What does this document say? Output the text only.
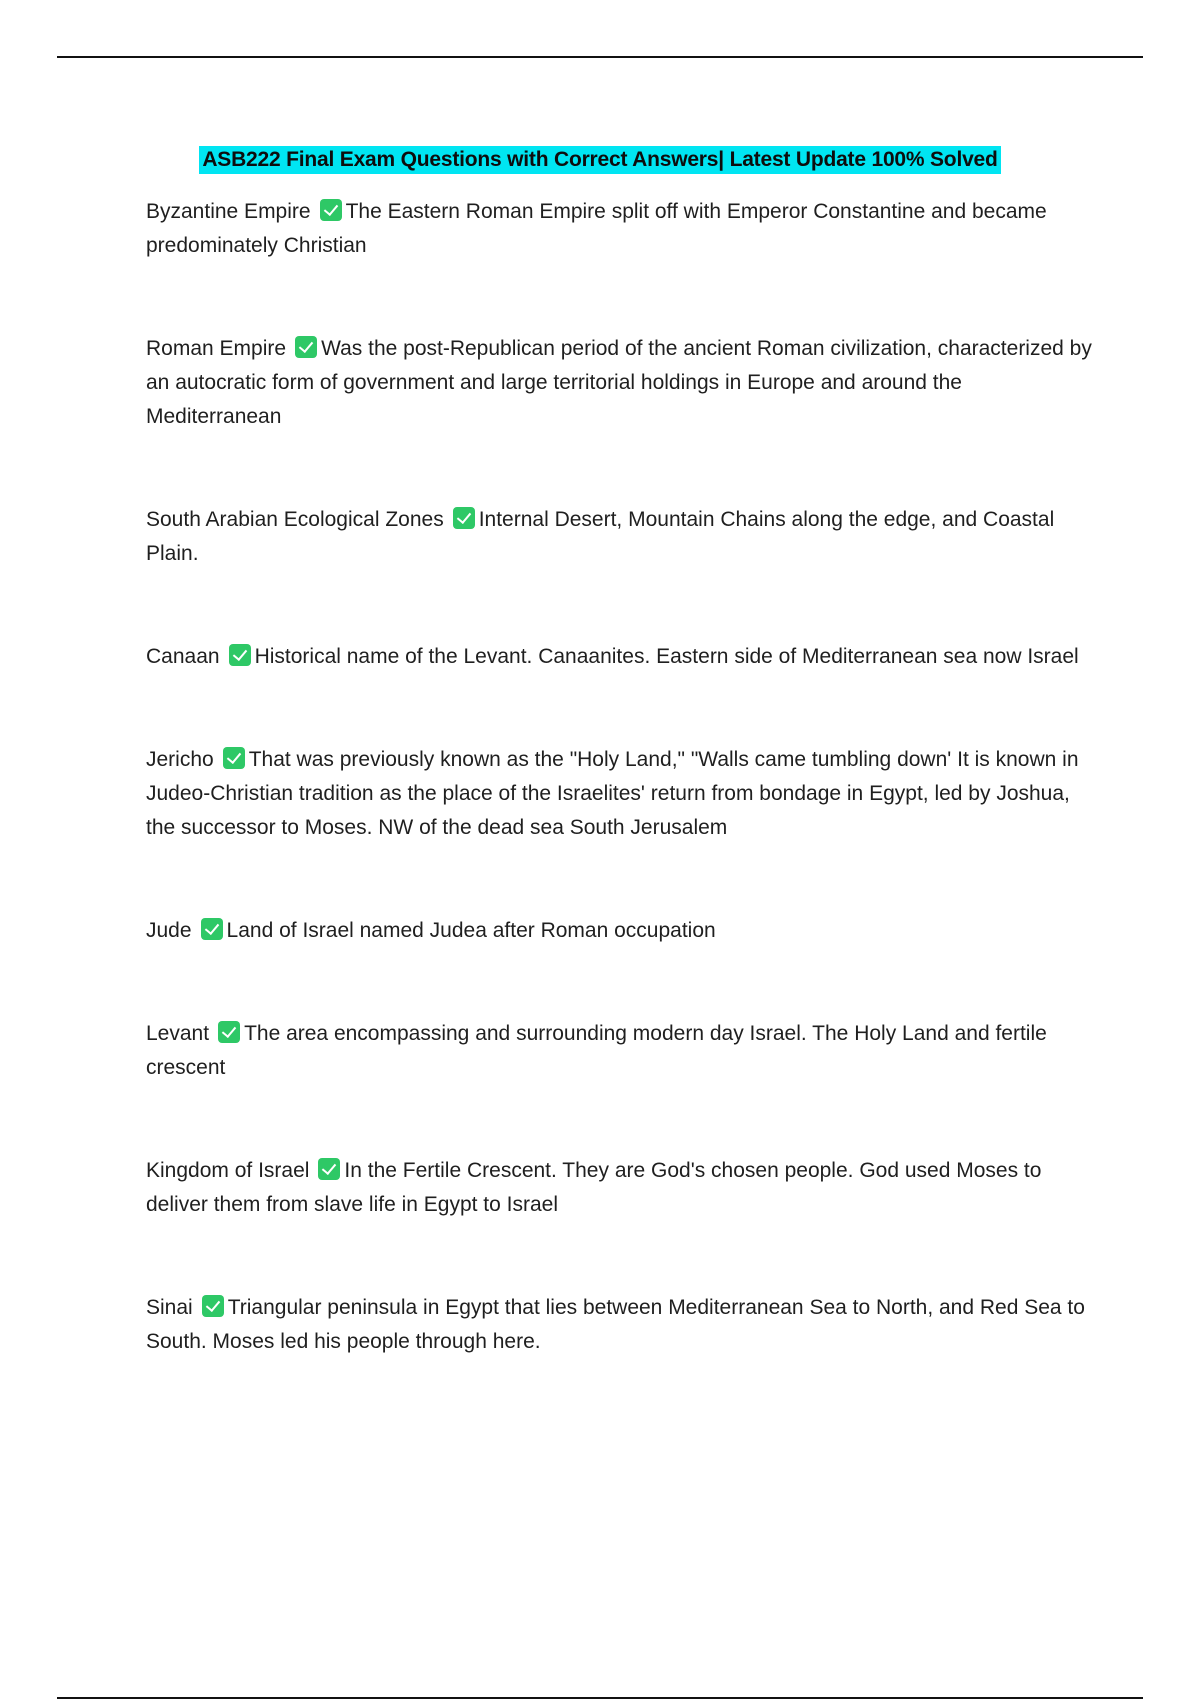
ASB222 Final Exam Questions with Correct Answers| Latest Update 100% Solved

Byzantine Empire The Eastern Roman Empire split off with Emperor Constantine and became predominately Christian

Roman Empire Was the post-Republican period of the ancient Roman civilization, characterized by an autocratic form of government and large territorial holdings in Europe and around the Mediterranean

South Arabian Ecological Zones Internal Desert, Mountain Chains along the edge, and Coastal Plain.

Canaan Historical name of the Levant. Canaanites. Eastern side of Mediterranean sea now Israel

Jericho That was previously known as the "Holy Land," "Walls came tumbling down' It is known in Judeo-Christian tradition as the place of the Israelites' return from bondage in Egypt, led by Joshua, the successor to Moses. NW of the dead sea South Jerusalem

Jude Land of Israel named Judea after Roman occupation

Levant The area encompassing and surrounding modern day Israel. The Holy Land and fertile crescent

Kingdom of Israel In the Fertile Crescent. They are God's chosen people. God used Moses to deliver them from slave life in Egypt to Israel

Sinai Triangular peninsula in Egypt that lies between Mediterranean Sea to North, and Red Sea to South. Moses led his people through here.
